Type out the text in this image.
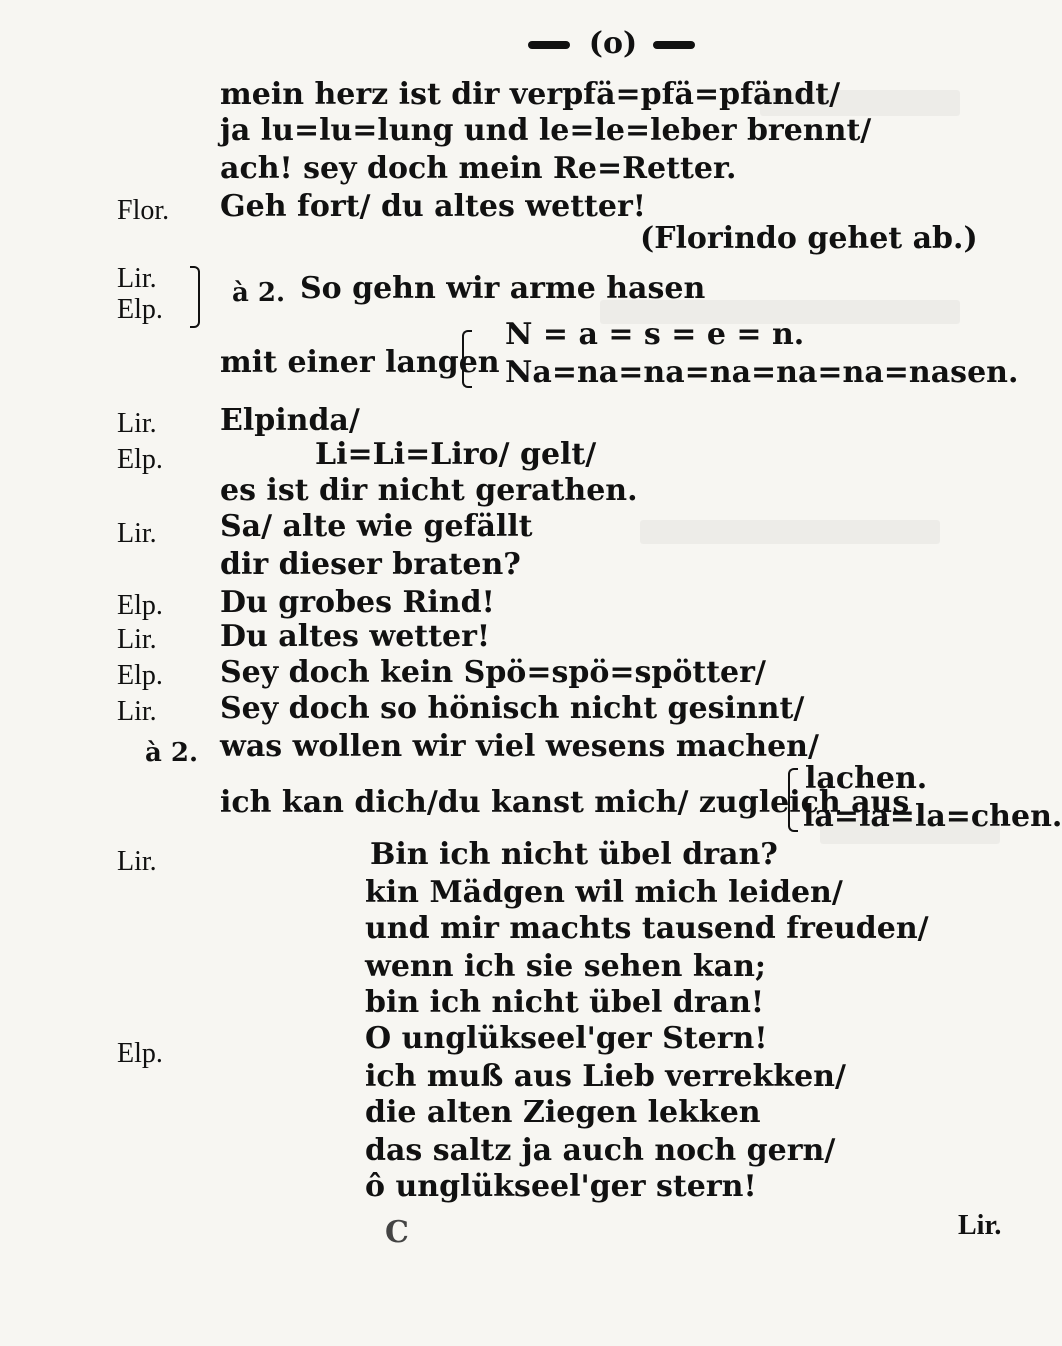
(o)
mein herz ist dir verpfä=pfä=pfändt/
ja lu=lu=lung und le=le=leber brennt/
ach! sey doch mein Re=Retter.
Flor. Geh fort/ du altes wetter!
(Florindo gehet ab.)
Lir.
Elp.
à 2. So gehn wir arme hasen
mit einer langen
N = a = s = e = n.
Na=na=na=na=na=na=nasen.
Lir. Elpinda/
Elp.	Li=Li=Liro/ gelt/
es ist dir nicht gerathen.
Lir. Sa/ alte wie gefällt
dir dieser braten?
Elp. Du grobes Rind!
Lir. Du altes wetter!
Elp. Sey doch kein Spö=spö=spötter/
Lir. Sey doch so hönisch nicht gesinnt/
à 2. was wollen wir viel wesens machen/
ich kan dich/du kanst mich/ zugleich aus
lachen.
la=la=la=chen.
Lir.	Bin ich nicht übel dran?
kin Mädgen wil mich leiden/
und mir machts tausend freuden/
wenn ich sie sehen kan;
bin ich nicht übel dran!
Elp.	O unglükseel'ger Stern!
ich muß aus Lieb verrekken/
die alten Ziegen lekken
das saltz ja auch noch gern/
ô unglükseel'ger stern!
C	Lir.
